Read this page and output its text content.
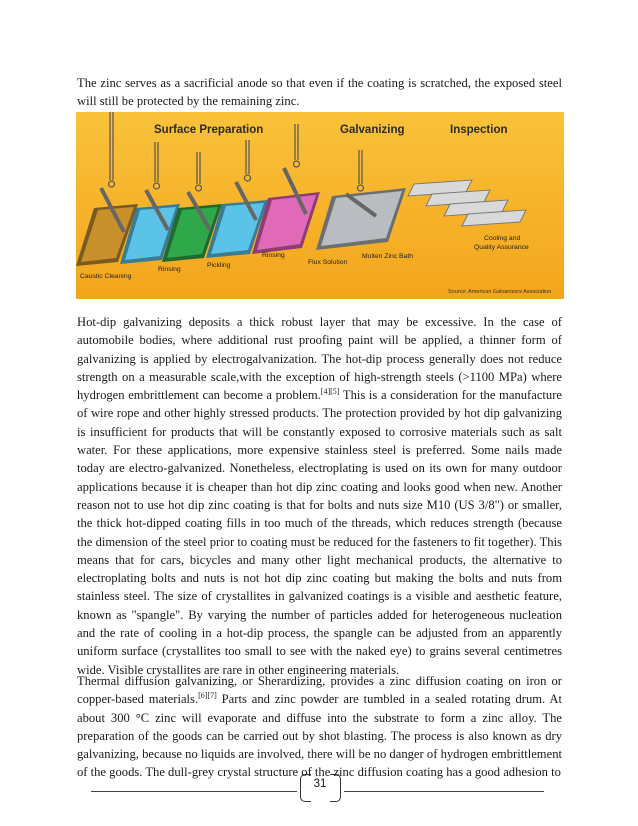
The zinc serves as a sacrificial anode so that even if the coating is scratched, the exposed steel will still be protected by the remaining zinc.

Surface Preparation	Galvanizing	Inspection
Caustic Cleaning
Rinsing
Pickling
Rinsing
Flux Solution
Molten Zinc Bath
Cooling and
Quality Assurance
Source: American Galvanizers Association

Hot-dip galvanizing deposits a thick robust layer that may be excessive. In the case of automobile bodies, where additional rust proofing paint will be applied, a thinner form of galvanizing is applied by electrogalvanization. The hot-dip process generally does not reduce strength on a measurable scale,with the exception of high-strength steels (>1100 MPa) where hydrogen embrittlement can become a problem.[4][5] This is a consideration for the manufacture of wire rope and other highly stressed products. The protection provided by hot dip galvanizing is insufficient for products that will be constantly exposed to corrosive materials such as salt water. For these applications, more expensive stainless steel is preferred. Some nails made today are electro-galvanized. Nonetheless, electroplating is used on its own for many outdoor applications because it is cheaper than hot dip zinc coating and looks good when new. Another reason not to use hot dip zinc coating is that for bolts and nuts size M10 (US 3/8") or smaller, the thick hot-dipped coating fills in too much of the threads, which reduces strength (because the dimension of the steel prior to coating must be reduced for the fasteners to fit together). This means that for cars, bicycles and many other light mechanical products, the alternative to electroplating bolts and nuts is not hot dip zinc coating but making the bolts and nuts from stainless steel. The size of crystallites in galvanized coatings is a visible and aesthetic feature, known as "spangle". By varying the number of particles added for heterogeneous nucleation and the rate of cooling in a hot-dip process, the spangle can be adjusted from an apparently uniform surface (crystallites too small to see with the naked eye) to grains several centimetres wide. Visible crystallites are rare in other engineering materials.

Thermal diffusion galvanizing, or Sherardizing, provides a zinc diffusion coating on iron or copper-based materials.[6][7] Parts and zinc powder are tumbled in a sealed rotating drum. At about 300 °C zinc will evaporate and diffuse into the substrate to form a zinc alloy. The preparation of the goods can be carried out by shot blasting. The process is also known as dry galvanizing, because no liquids are involved, there will be no danger of hydrogen embrittlement of the goods. The dull-grey crystal structure of the zinc diffusion coating has a good adhesion to

31
